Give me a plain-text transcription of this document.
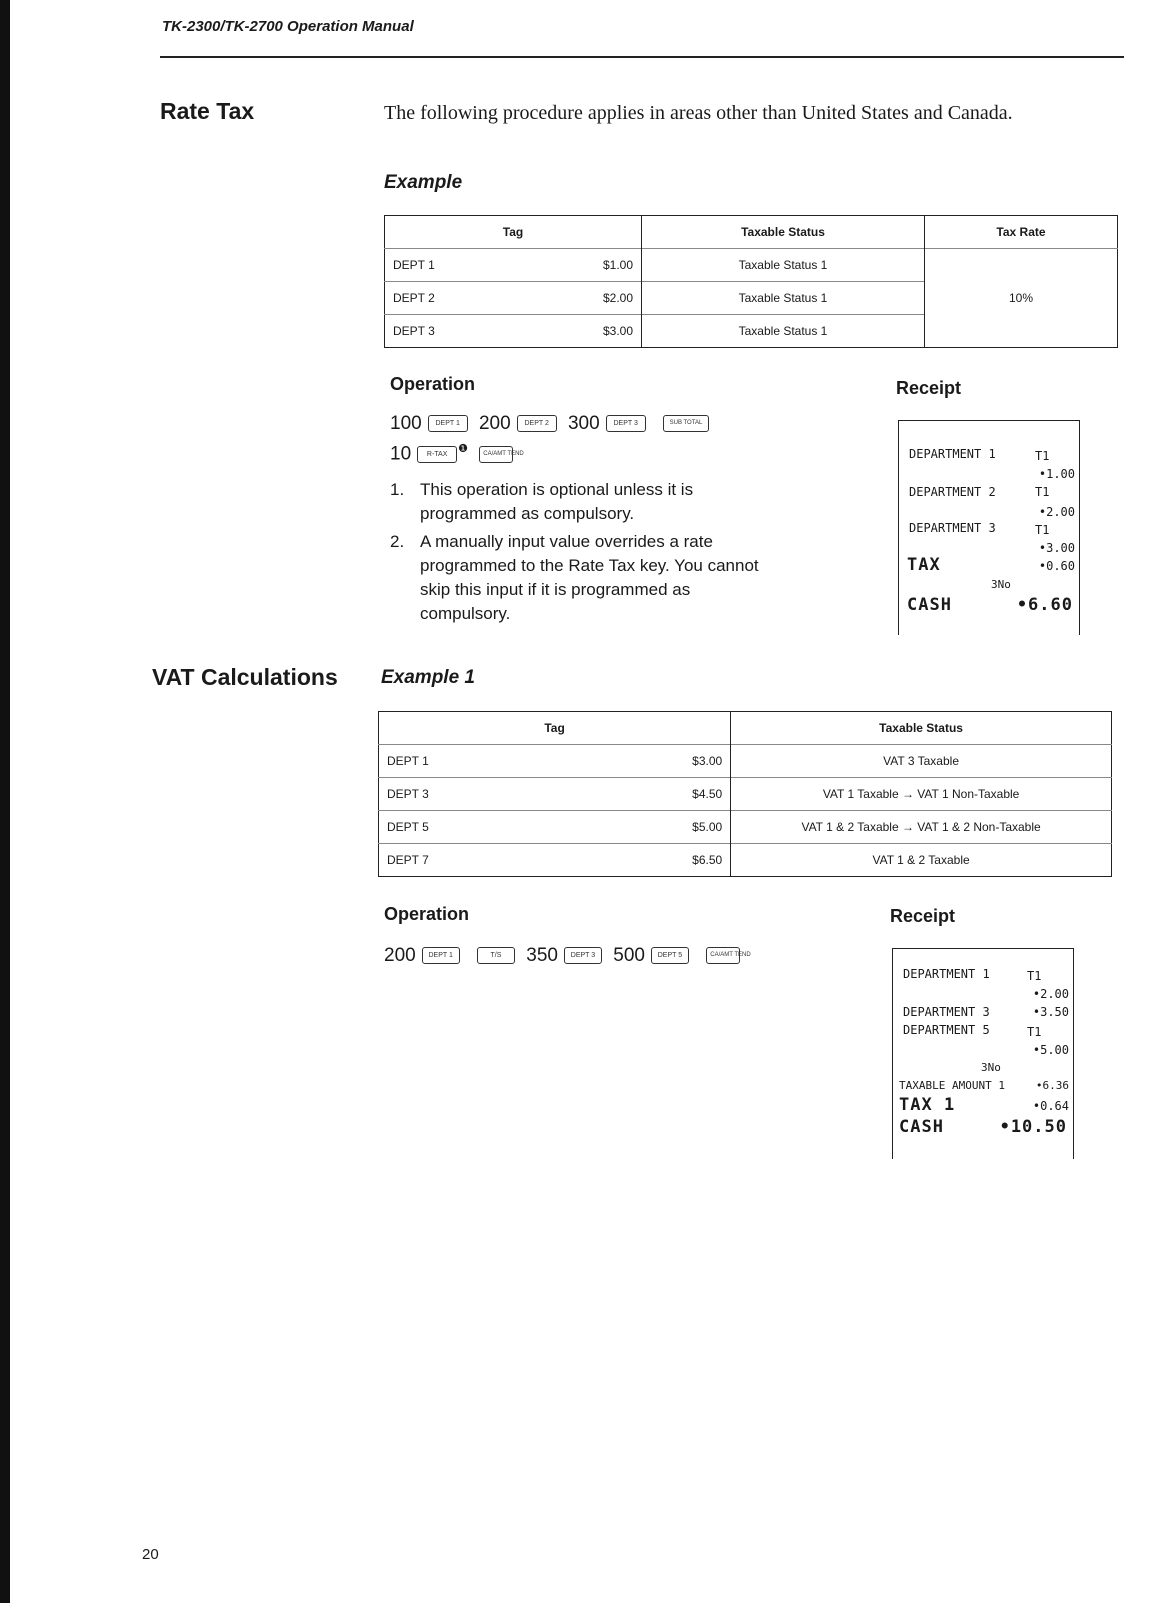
TK-2300/TK-2700 Operation Manual
Rate Tax	The following procedure applies in areas other than United States and Canada.
Example
Tag		Taxable Status	Tax Rate
DEPT 1	$1.00	Taxable Status 1	10%
DEPT 2	$2.00	Taxable Status 1	
DEPT 3	$3.00	Taxable Status 1	
Operation
100 DEPT 1 200 DEPT 2 300 DEPT 3	SUB TOTAL
10 R-TAX $^❶$	CA/AMT TEND
1. This operation is optional unless it is programmed as compulsory.
2. A manually input value overrides a rate programmed to the Rate Tax key. You cannot skip this input if it is programmed as compulsory.
Receipt
DEPARTMENT 1	T1
•1.00
DEPARTMENT 2	T1
•2.00
DEPARTMENT 3	T1
•3.00
TAX	•0.60
3No
CASH	•6.60
VAT Calculations Example 1
Tag		Taxable Status
DEPT 1	$3.00	VAT 3 Taxable
DEPT 3	$4.50	VAT 1 Taxable → VAT 1 Non-Taxable
DEPT 5	$5.00	VAT 1 & 2 Taxable → VAT 1 & 2 Non-Taxable
DEPT 7	$6.50	VAT 1 & 2 Taxable
Operation
200 DEPT 1	T/S 350 DEPT 3 500 DEPT 5	CA/AMT TEND
Receipt
DEPARTMENT 1	T1
•2.00
DEPARTMENT 3	•3.50
DEPARTMENT 5	T1
•5.00
3No
TAXABLE AMOUNT 1	•6.36
TAX 1	•0.64
CASH	•10.50
20
